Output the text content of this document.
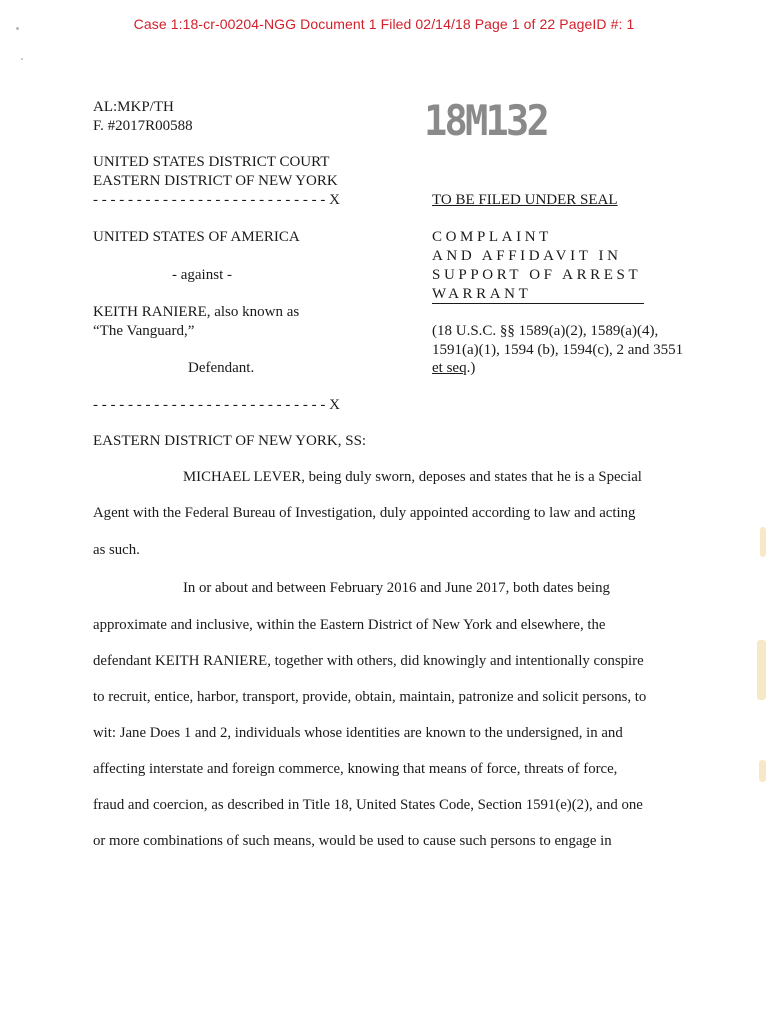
Case 1:18-cr-00204-NGG Document 1 Filed 02/14/18 Page 1 of 22 PageID #: 1
18M132
AL:MKP/TH
F. #2017R00588
UNITED STATES DISTRICT COURT
EASTERN DISTRICT OF NEW YORK
- - - - - - - - - - - - - - - - - - - - - - - - - - - X
UNITED STATES OF AMERICA
- against -
KEITH RANIERE, also known as
“The Vanguard,”
Defendant.
- - - - - - - - - - - - - - - - - - - - - - - - - - - X
TO BE FILED UNDER SEAL
COMPLAINT
AND AFFIDAVIT IN
SUPPORT OF ARREST
WARRANT
(18 U.S.C. §§ 1589(a)(2), 1589(a)(4),
1591(a)(1), 1594 (b), 1594(c), 2 and 3551
et seq.)
EASTERN DISTRICT OF NEW YORK, SS:
MICHAEL LEVER, being duly sworn, deposes and states that he is a Special
Agent with the Federal Bureau of Investigation, duly appointed according to law and acting
as such.
In or about and between February 2016 and June 2017, both dates being
approximate and inclusive, within the Eastern District of New York and elsewhere, the
defendant KEITH RANIERE, together with others, did knowingly and intentionally conspire
to recruit, entice, harbor, transport, provide, obtain, maintain, patronize and solicit persons, to
wit: Jane Does 1 and 2, individuals whose identities are known to the undersigned, in and
affecting interstate and foreign commerce, knowing that means of force, threats of force,
fraud and coercion, as described in Title 18, United States Code, Section 1591(e)(2), and one
or more combinations of such means, would be used to cause such persons to engage in
